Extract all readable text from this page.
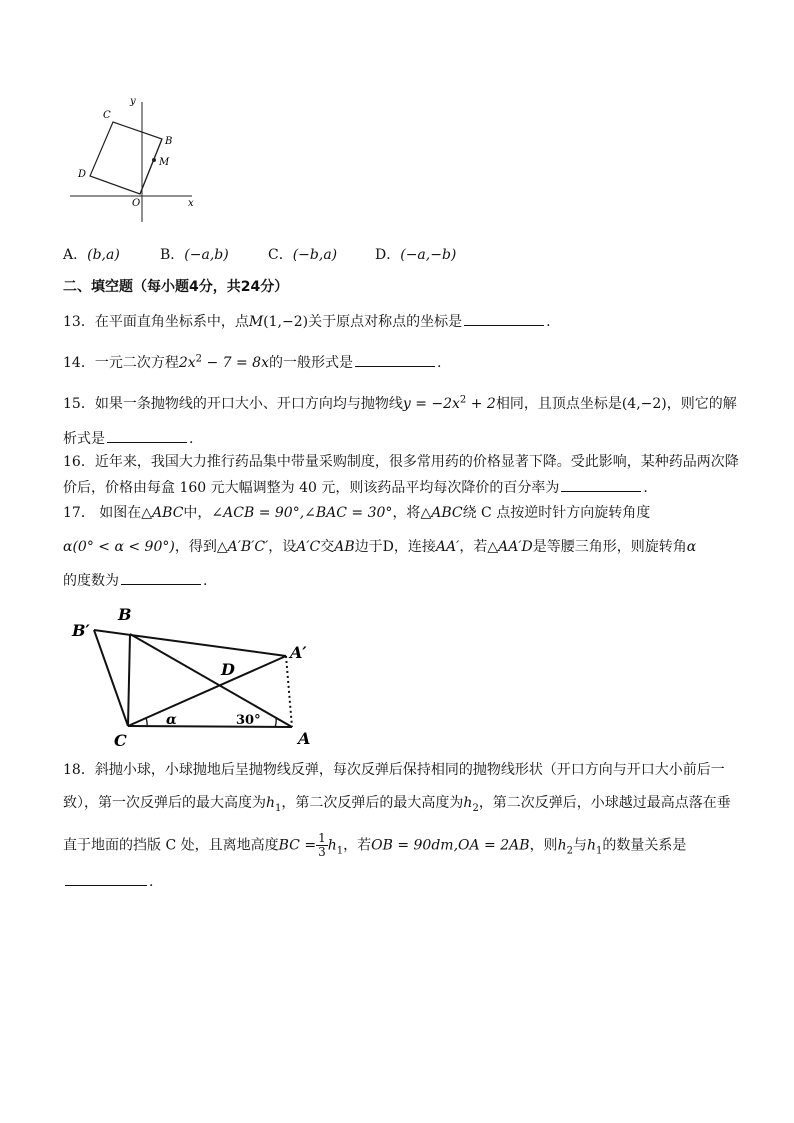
y
x
C
B
M
D
O
A．(b,a)	B．(−a,b)	C．(−b,a)	D．(−a,−b)
二、填空题（每小题4分，共24分）
13．在平面直角坐标系中，点M(1,−2)关于原点对称点的坐标是	.
14．一元二次方程$2x^2 - 7 = 8x$的一般形式是	.
15．如果一条抛物线的开口大小、开口方向均与抛物线$y = -2x^2 + 2$相同，且顶点坐标是(4,−2)，则它的解
析式是	.
16．近年来，我国大力推行药品集中带量采购制度，很多常用药的价格显著下降。受此影响，某种药品两次降
价后，价格由每盒 160 元大幅调整为 40 元，则该药品平均每次降价的百分率为	.
17． 如图在△ABC中，∠ACB = 90°,∠BAC = 30°，将△ABC绕 C 点按逆时针方向旋转角度
α(0° < α < 90°)，得到△A′B′C′，设A′C交AB边于D，连接AA′，若△AA′D是等腰三角形，则旋转角α
的度数为	.
B′
B
A′
D
C
α	30°
A
18．斜抛小球，小球抛地后呈抛物线反弹，每次反弹后保持相同的抛物线形状（开口方向与开口大小前后一
致），第一次反弹后的最大高度为$h_1$，第二次反弹后的最大高度为$h_2$，第二次反弹后，小球越过最高点落在垂
直于地面的挡版 C 处，且离地高度BC = $\frac{1}{3} h_1$，若OB = 90dm,OA = 2AB，则$h_2$与$h_1$的数量关系是
.
